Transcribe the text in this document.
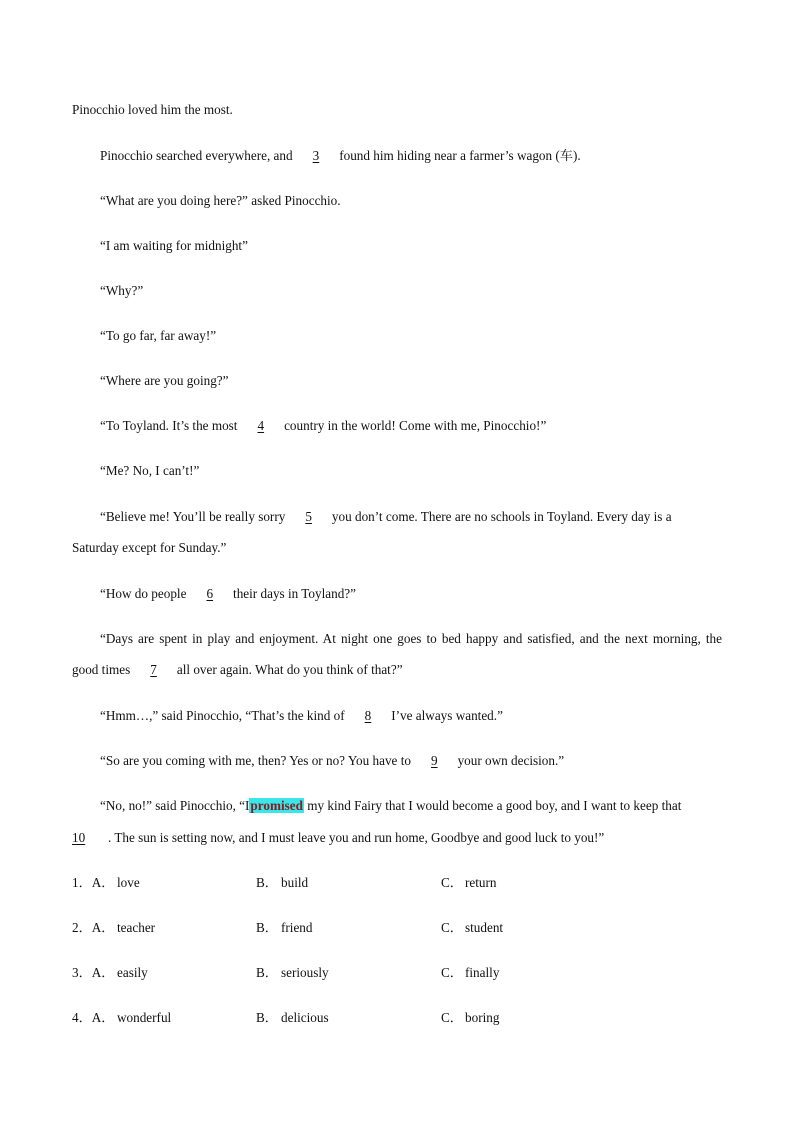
Pinocchio loved him the most.
Pinocchio searched everywhere, and 3 found him hiding near a farmer’s wagon (车).
“What are you doing here?” asked Pinocchio.
“I am waiting for midnight”
“Why?”
“To go far, far away!”
“Where are you going?”
“To Toyland. It’s the most 4 country in the world! Come with me, Pinocchio!”
“Me? No, I can’t!”
“Believe me! You’ll be really sorry 5 you don’t come. There are no schools in Toyland. Every day is a
Saturday except for Sunday.”
“How do people 6 their days in Toyland?”
“Days are spent in play and enjoyment. At night one goes to bed happy and satisfied, and the next morning, the
good times 7 all over again. What do you think of that?”
“Hmm…,” said Pinocchio, “That’s the kind of 8 I’ve always wanted.”
“So are you coming with me, then? Yes or no? You have to 9 your own decision.”
“No, no!” said Pinocchio, “Ipromised my kind Fairy that I would become a good boy, and I want to keep that
10 . The sun is setting now, and I must leave you and run home, Goodbye and good luck to you!”
1．A． love	B． build	C． return
2．A． teacher	B． friend	C． student
3．A． easily	B． seriously	C． finally
4．A． wonderful	B． delicious	C． boring
